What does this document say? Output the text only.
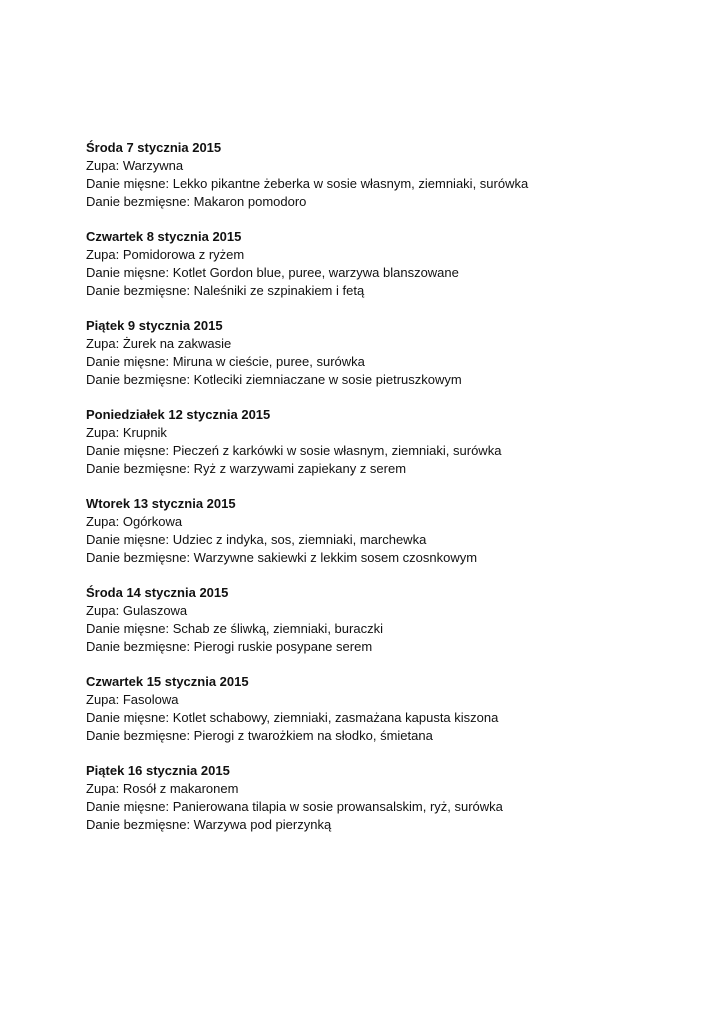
Środa 7 stycznia 2015
Zupa: Warzywna
Danie mięsne: Lekko pikantne żeberka w sosie własnym, ziemniaki, surówka
Danie bezmięsne: Makaron pomodoro
Czwartek 8 stycznia 2015
Zupa: Pomidorowa z ryżem
Danie mięsne: Kotlet Gordon blue, puree, warzywa blanszowane
Danie bezmięsne: Naleśniki ze szpinakiem i fetą
Piątek 9 stycznia 2015
Zupa: Żurek na zakwasie
Danie mięsne: Miruna w cieście, puree, surówka
Danie bezmięsne: Kotleciki ziemniaczane w sosie pietruszkowym
Poniedziałek 12 stycznia 2015
Zupa: Krupnik
Danie mięsne: Pieczeń z karkówki w sosie własnym, ziemniaki, surówka
Danie bezmięsne: Ryż z warzywami zapiekany z serem
Wtorek 13 stycznia 2015
Zupa: Ogórkowa
Danie mięsne: Udziec z indyka, sos, ziemniaki, marchewka
Danie bezmięsne: Warzywne sakiewki z lekkim sosem czosnkowym
Środa 14 stycznia 2015
Zupa: Gulaszowa
Danie mięsne: Schab ze śliwką, ziemniaki, buraczki
Danie bezmięsne: Pierogi ruskie posypane serem
Czwartek 15 stycznia 2015
Zupa: Fasolowa
Danie mięsne: Kotlet schabowy, ziemniaki, zasmażana kapusta kiszona
Danie bezmięsne: Pierogi z twarożkiem na słodko, śmietana
Piątek 16 stycznia 2015
Zupa: Rosół z makaronem
Danie mięsne: Panierowana tilapia w sosie prowansalskim, ryż, surówka
Danie bezmięsne: Warzywa pod pierzynką
